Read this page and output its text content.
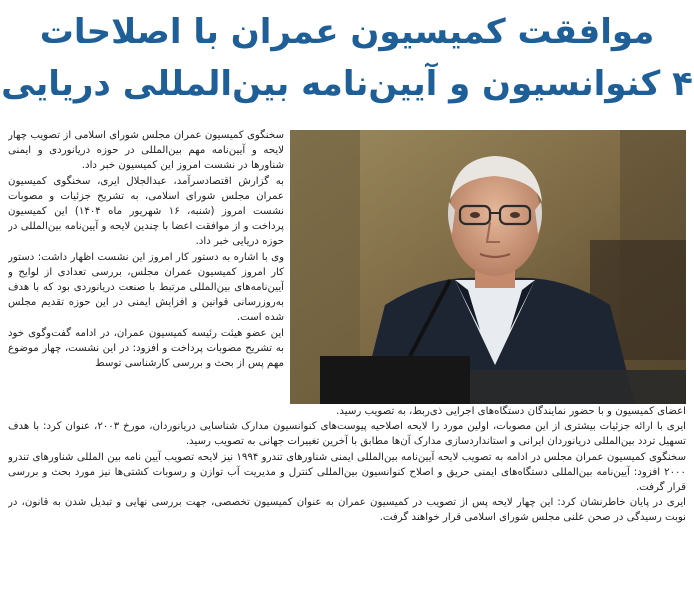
موافقت کمیسیون عمران با اصلاحات
۴ کنوانسیون و آیین‌نامه بین‌المللی دریایی

سخنگوی کمیسیون عمران مجلس شورای اسلامی از تصویب چهار لایحه و آیین‌نامه مهم بین‌المللی در حوزه دریانوردی و ایمنی شناورها در نشست امروز این کمیسیون خبر داد.

به گزارش اقتصادسرآمد، عبدالجلال ایری، سخنگوی کمیسیون عمران مجلس شورای اسلامی، به تشریح جزئیات و مصوبات نشست امروز (شنبه، ۱۶ شهریور ماه ۱۴۰۴) این کمیسیون پرداخت و از موافقت اعضا با چندین لایحه و آیین‌نامه بین‌المللی در حوزه دریایی خبر داد.

وی با اشاره به دستور کار امروز این نشست اظهار داشت: دستور کار امروز کمیسیون عمران مجلس، بررسی تعدادی از لوایح و آیین‌نامه‌های بین‌المللی مرتبط با صنعت دریانوردی بود که با هدف به‌روزرسانی قوانین و افزایش ایمنی در این حوزه تقدیم مجلس شده است.

این عضو هیئت رئیسه کمیسیون عمران، در ادامه گفت‌وگوی خود به تشریح مصوبات پرداخت و افزود: در این نشست، چهار موضوع مهم پس از بحث و بررسی کارشناسی توسط

اعضای کمیسیون و با حضور نمایندگان دستگاه‌های اجرایی ذی‌ربط، به تصویب رسید.

ایری با ارائه جزئیات بیشتری از این مصوبات، اولین مورد را لایحه اصلاحیه پیوست‌های کنوانسیون مدارک شناسایی دریانوردان، مورخ ۲۰۰۳، عنوان کرد: با هدف تسهیل تردد بین‌المللی دریانوردان ایرانی و استانداردسازی مدارک آن‌ها مطابق با آخرین تغییرات جهانی به تصویب رسید.

سخنگوی کمیسیون عمران مجلس در ادامه به تصویب لایحه آیین‌نامه بین‌المللی ایمنی شناورهای تندرو ۱۹۹۴ نیز لایحه تصویب آیین نامه بین المللی شناورهای تندرو ۲۰۰۰ افزود: آیین‌نامه بین‌المللی دستگاه‌های ایمنی حریق و اصلاح کنوانسیون بین‌المللی کنترل و مدیریت آب توازن و رسوبات کشتی‌ها نیز مورد بحث و بررسی قرار گرفت.

ایری در پایان خاطرنشان کرد: این چهار لایحه پس از تصویب در کمیسیون عمران به عنوان کمیسیون تخصصی، جهت بررسی نهایی و تبدیل شدن به قانون، در نوبت رسیدگی در صحن علنی مجلس شورای اسلامی قرار خواهند گرفت.
